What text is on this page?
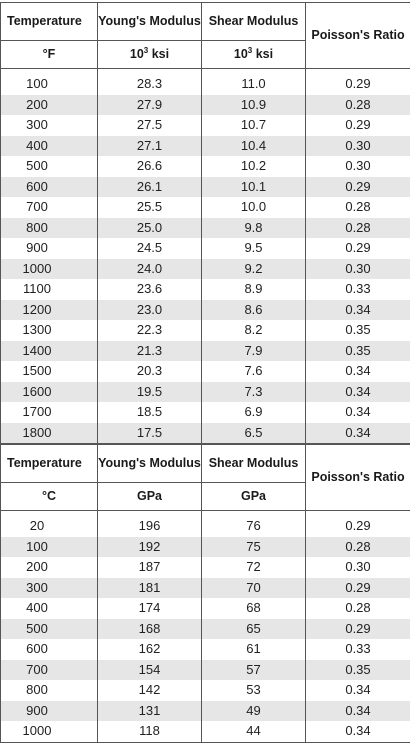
Temperature	Young's Modulus	Shear Modulus	Poisson's Ratio
°F	$10^3$ ksi	$10^3$ ksi	

100	28.3	11.0	0.29
200	27.9	10.9	0.28
300	27.5	10.7	0.29
400	27.1	10.4	0.30
500	26.6	10.2	0.30
600	26.1	10.1	0.29
700	25.5	10.0	0.28
800	25.0	9.8	0.28
900	24.5	9.5	0.29
1000	24.0	9.2	0.30
1100	23.6	8.9	0.33
1200	23.0	8.6	0.34
1300	22.3	8.2	0.35
1400	21.3	7.9	0.35
1500	20.3	7.6	0.34
1600	19.5	7.3	0.34
1700	18.5	6.9	0.34
1800	17.5	6.5	0.34
Temperature	Young's Modulus	Shear Modulus	Poisson's Ratio
°C	GPa	GPa	

20	196	76	0.29
100	192	75	0.28
200	187	72	0.30
300	181	70	0.29
400	174	68	0.28
500	168	65	0.29
600	162	61	0.33
700	154	57	0.35
800	142	53	0.34
900	131	49	0.34
1000	118	44	0.34
